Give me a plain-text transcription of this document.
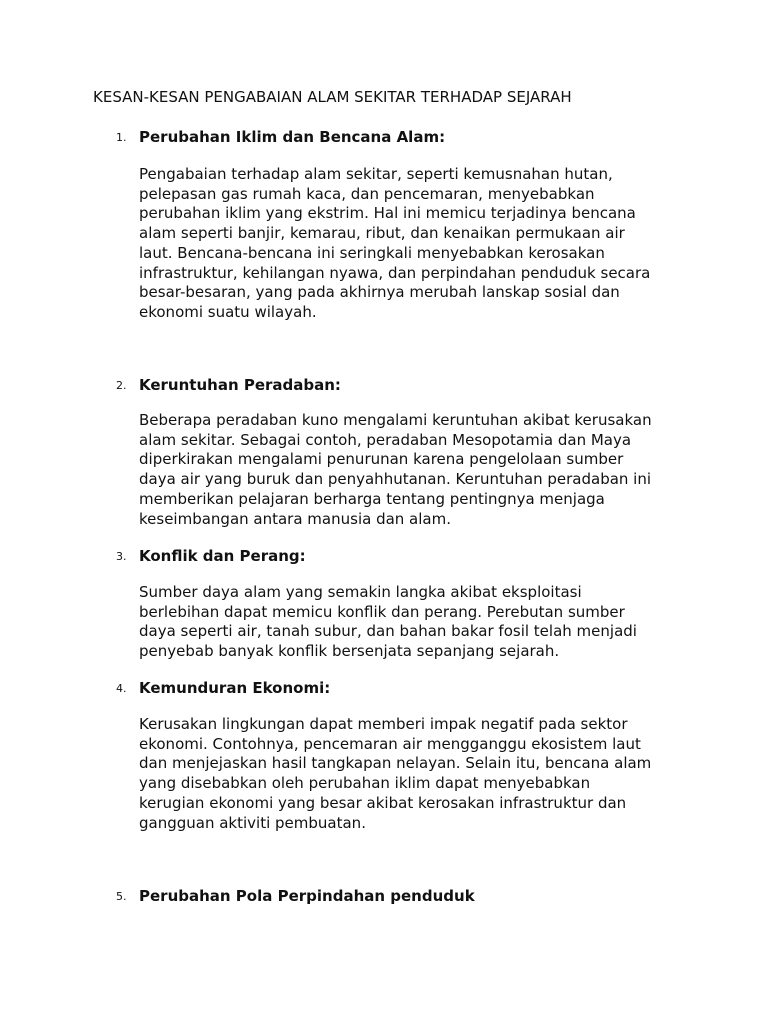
KESAN-KESAN PENGABAIAN ALAM SEKITAR TERHADAP SEJARAH
1. Perubahan Iklim dan Bencana Alam:
Pengabaian terhadap alam sekitar, seperti kemusnahan hutan,
pelepasan gas rumah kaca, dan pencemaran, menyebabkan
perubahan iklim yang ekstrim. Hal ini memicu terjadinya bencana
alam seperti banjir, kemarau, ribut, dan kenaikan permukaan air
laut. Bencana-bencana ini seringkali menyebabkan kerosakan
infrastruktur, kehilangan nyawa, dan perpindahan penduduk secara
besar-besaran, yang pada akhirnya merubah lanskap sosial dan
ekonomi suatu wilayah.
2. Keruntuhan Peradaban:
Beberapa peradaban kuno mengalami keruntuhan akibat kerusakan
alam sekitar. Sebagai contoh, peradaban Mesopotamia dan Maya
diperkirakan mengalami penurunan karena pengelolaan sumber
daya air yang buruk dan penyahhutanan. Keruntuhan peradaban ini
memberikan pelajaran berharga tentang pentingnya menjaga
keseimbangan antara manusia dan alam.
3. Konflik dan Perang:
Sumber daya alam yang semakin langka akibat eksploitasi
berlebihan dapat memicu konflik dan perang. Perebutan sumber
daya seperti air, tanah subur, dan bahan bakar fosil telah menjadi
penyebab banyak konflik bersenjata sepanjang sejarah.
4. Kemunduran Ekonomi:
Kerusakan lingkungan dapat memberi impak negatif pada sektor
ekonomi. Contohnya, pencemaran air mengganggu ekosistem laut
dan menjejaskan hasil tangkapan nelayan. Selain itu, bencana alam
yang disebabkan oleh perubahan iklim dapat menyebabkan
kerugian ekonomi yang besar akibat kerosakan infrastruktur dan
gangguan aktiviti pembuatan.
5. Perubahan Pola Perpindahan penduduk
